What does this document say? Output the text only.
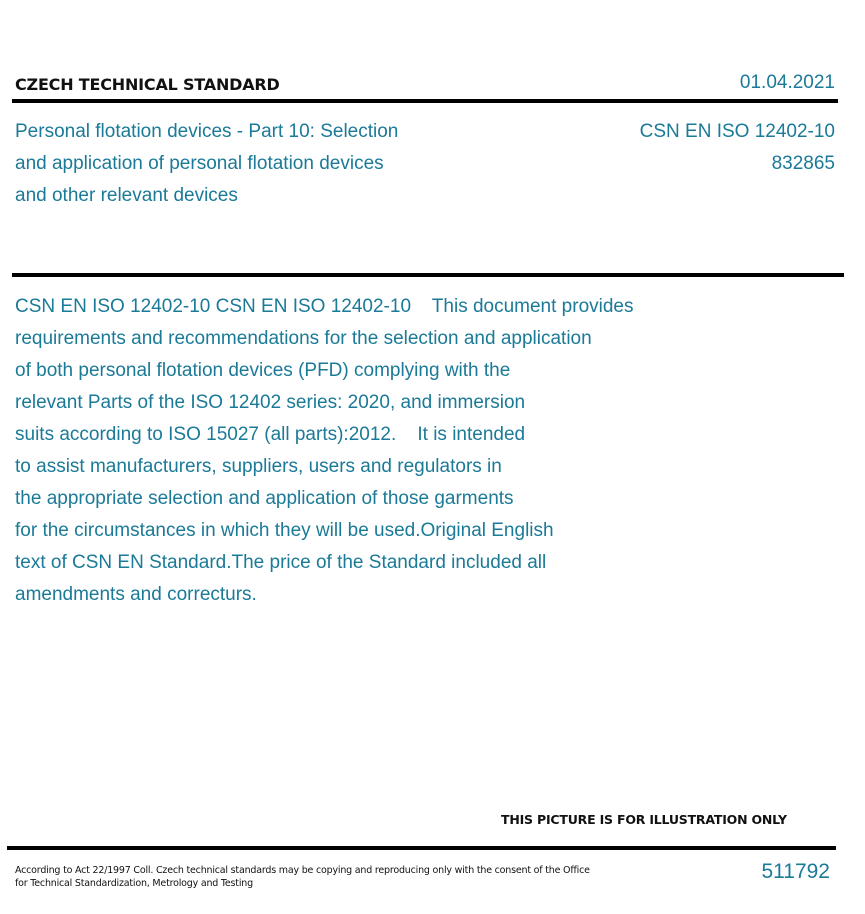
CZECH TECHNICAL STANDARD	01.04.2021
Personal flotation devices - Part 10: Selection
and application of personal flotation devices
and other relevant devices
CSN EN ISO 12402-10
832865
CSN EN ISO 12402-10 CSN EN ISO 12402-10    This document provides
requirements and recommendations for the selection and application
of both personal flotation devices (PFD) complying with the
relevant Parts of the ISO 12402 series: 2020, and immersion
suits according to ISO 15027 (all parts):2012.    It is intended
to assist manufacturers, suppliers, users and regulators in
the appropriate selection and application of those garments
for the circumstances in which they will be used.Original English
text of CSN EN Standard.The price of the Standard included all
amendments and correcturs.
THIS PICTURE IS FOR ILLUSTRATION ONLY
According to Act 22/1997 Coll. Czech technical standards may be copying and reproducing only with the consent of the Office
for Technical Standardization, Metrology and Testing
511792
